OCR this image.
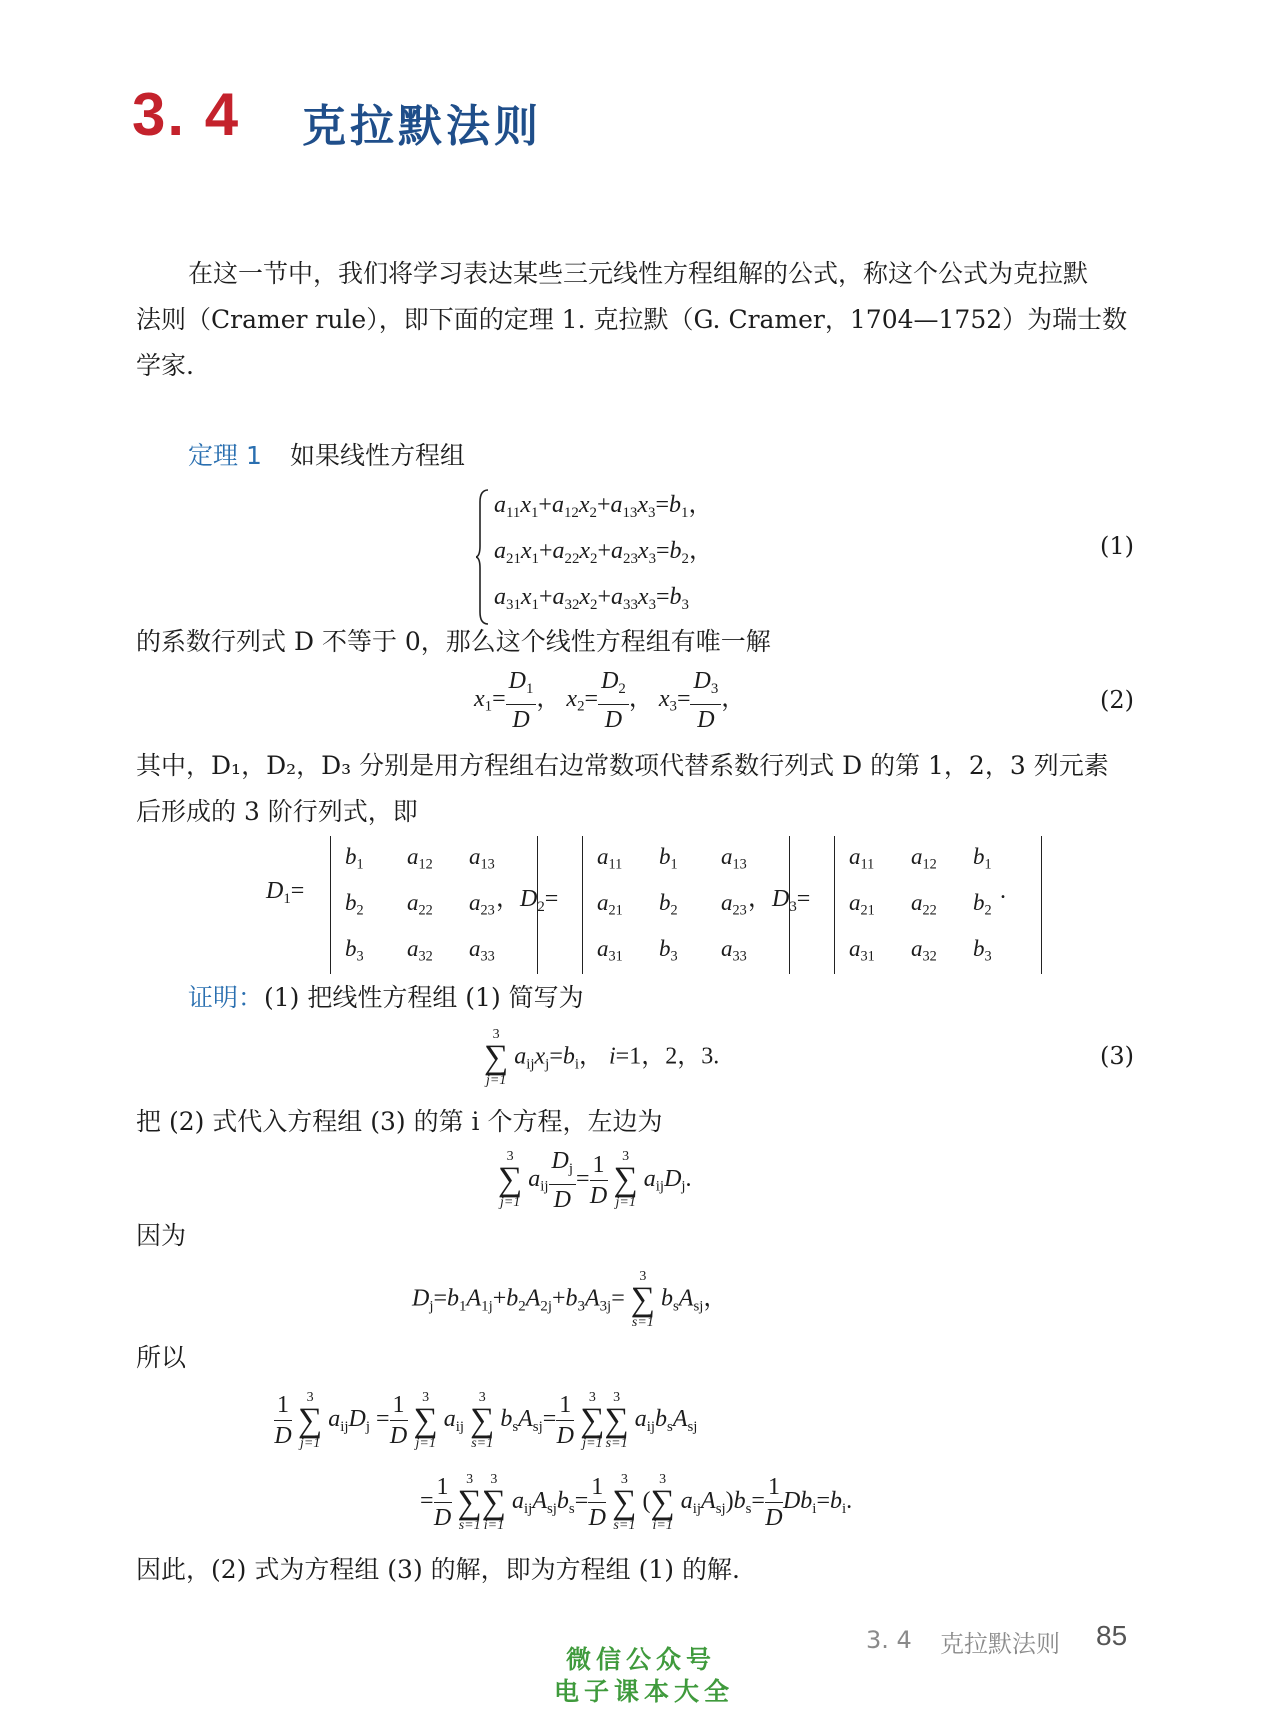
3. 4 克拉默法则
在这一节中，我们将学习表达某些三元线性方程组解的公式，称这个公式为克拉默
法则（Cramer rule），即下面的定理 1. 克拉默（G. Cramer，1704—1752）为瑞士数
学家.
定理 1 如果线性方程组
$a_{11}x_1+a_{12}x_2+a_{13}x_3=b_1$，
$a_{21}x_1+a_{22}x_2+a_{23}x_3=b_2$，
$a_{31}x_1+a_{32}x_2+a_{33}x_3=b_3$
(1)
的系数行列式 D 不等于 0，那么这个线性方程组有唯一解
$x_1= \frac{D_1}{D}$ ， $x_2= \frac{D_2}{D}$ ， $x_3= \frac{D_3}{D}$ ，	(2)
其中，D₁，D₂，D₃ 分别是用方程组右边常数项代替系数行列式 D 的第 1，2，3 列元素
后形成的 3 阶行列式，即
$D_1=$
$b_1$	$a_{12}$	$a_{13}$
$b_2$	$a_{22}$	$a_{23}$
$b_3$	$a_{32}$	$a_{33}$
，$D_2=$
$a_{11}$	$b_1$	$a_{13}$
$a_{21}$	$b_2$	$a_{23}$
$a_{31}$	$b_3$	$a_{33}$
，$D_3=$
$a_{11}$	$a_{12}$	$b_1$
$a_{21}$	$a_{22}$	$b_2$
$a_{31}$	$a_{32}$	$b_3$
.
证明： (1) 把线性方程组 (1) 简写为
3
∑
j=1
$a_{ij}x_j=b_i$， i=1，2，3.	(3)
把 (2) 式代入方程组 (3) 的第 i 个方程，左边为
3
∑
j=1
$a_{ij} \frac{D_j}{D} = \frac{1}{D}$
	3
∑
j=1
$a_{ij}D_j$.
因为
$D_j=b_1A_{1j}+b_2A_{2j}+b_3A_{3j}=$
3
∑
s=1
$b_sA_{sj}$，
所以
$\frac{1}{D}$
	3
∑
j=1
$a_{ij}D_j = \frac{1}{D}$
	3
∑
j=1
$a_{ij}$
3
∑
s=1
$b_sA_{sj}= \frac{1}{D}$
	3
∑
j=1
3
∑
s=1
$a_{ij}b_sA_{sj}$
= $\frac{1}{D}$
	3
∑
s=1
3
∑
i=1
$a_{ij}A_{sj}b_s= \frac{1}{D}$
	3
∑
s=1
(
3
∑
i=1
$a_{ij}A_{sj})b_s= \frac{1}{D} Db_i=b_i$.
因此，(2) 式为方程组 (3) 的解，即为方程组 (1) 的解.
3. 4 克拉默法则 85
微信公众号
电子课本大全
